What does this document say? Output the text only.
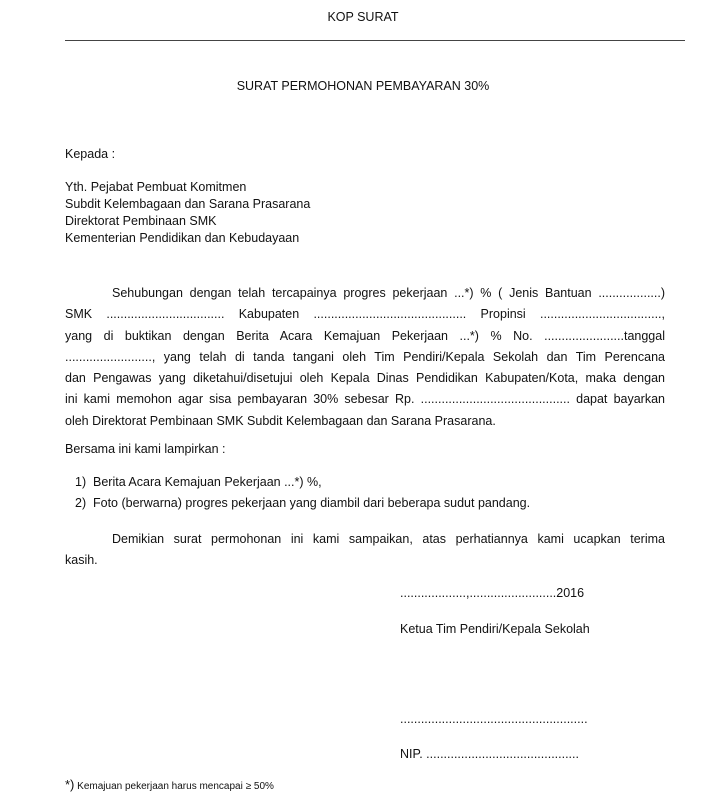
KOP SURAT
SURAT PERMOHONAN PEMBAYARAN 30%
Kepada :
Yth. Pejabat Pembuat Komitmen
Subdit Kelembagaan dan Sarana Prasarana
Direktorat Pembinaan SMK
Kementerian Pendidikan dan Kebudayaan
Sehubungan dengan telah tercapainya progres pekerjaan ...*) % ( Jenis Bantuan ..................)
SMK .................................. Kabupaten ............................................ Propinsi ...................................,
yang di buktikan dengan Berita Acara Kemajuan Pekerjaan ...*) % No. .......................tanggal
........................., yang telah di tanda tangani oleh Tim Pendiri/Kepala Sekolah dan Tim Perencana
dan Pengawas yang diketahui/disetujui oleh Kepala Dinas Pendidikan Kabupaten/Kota, maka dengan
ini kami memohon agar sisa pembayaran 30% sebesar Rp. ........................................... dapat bayarkan
oleh Direktorat Pembinaan SMK Subdit Kelembagaan dan Sarana Prasarana.
Bersama ini kami lampirkan :
1) Berita Acara Kemajuan Pekerjaan ...*) %,
2) Foto (berwarna) progres pekerjaan yang diambil dari beberapa sudut pandang.
Demikian surat permohonan ini kami sampaikan, atas perhatiannya kami ucapkan terima
kasih.
...................,.........................2016
Ketua Tim Pendiri/Kepala Sekolah
......................................................
NIP. ............................................
*) Kemajuan pekerjaan harus mencapai ≥ 50%
